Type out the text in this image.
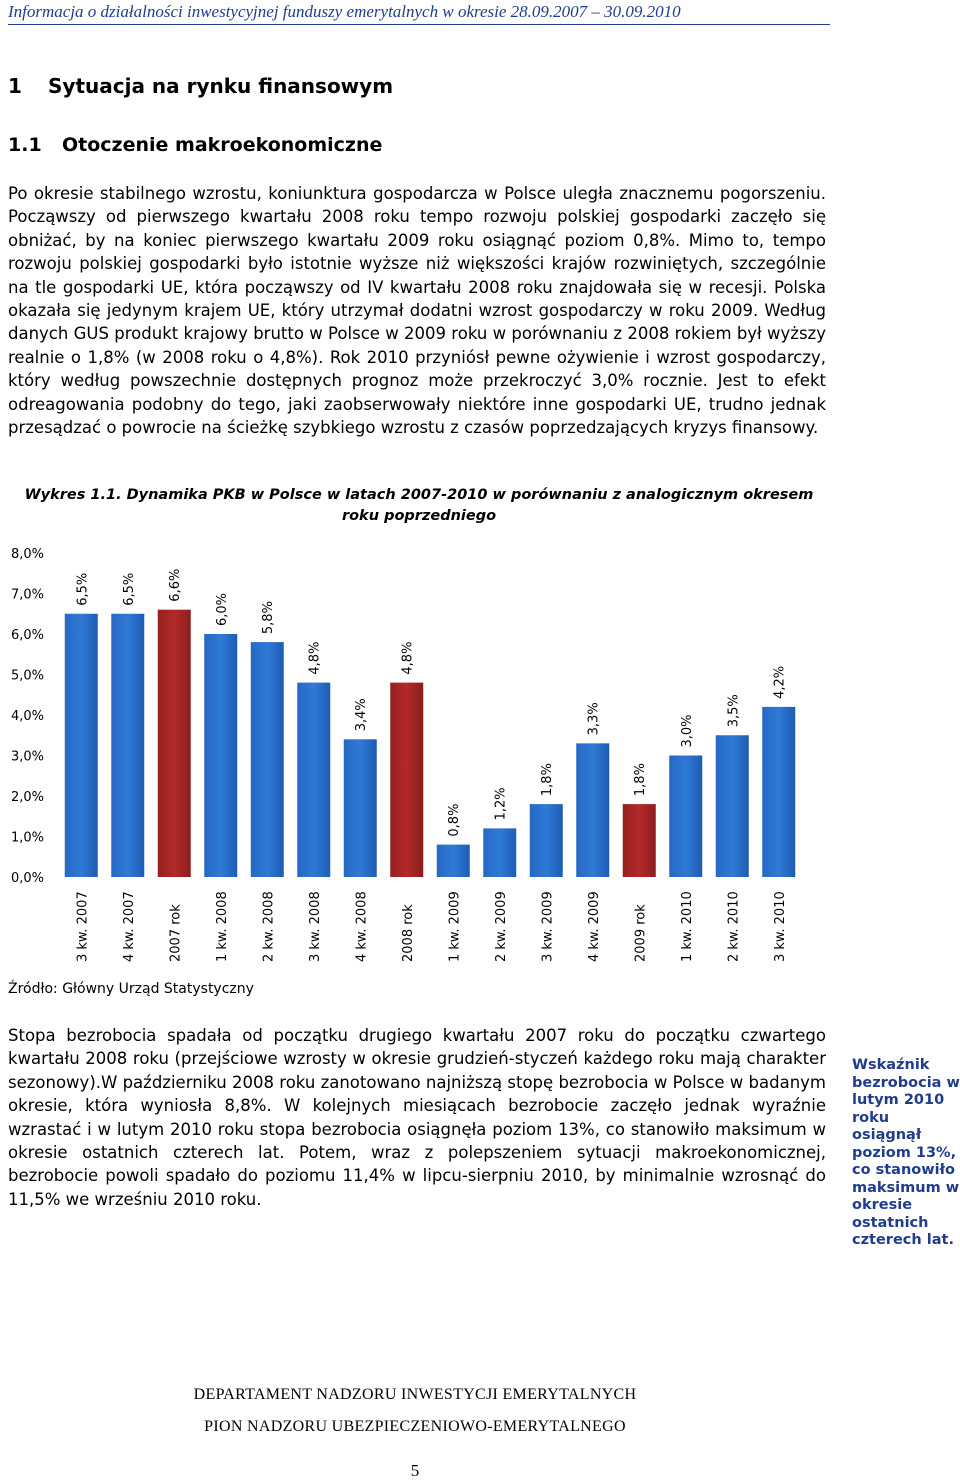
Informacja o działalności inwestycyjnej funduszy emerytalnych w okresie 28.09.2007 – 30.09.2010
1 Sytuacja na rynku finansowym
1.1 Otoczenie makroekonomiczne

Po okresie stabilnego wzrostu, koniunktura gospodarcza w Polsce uległa znacznemu pogorszeniu. Począwszy od pierwszego kwartału 2008 roku tempo rozwoju polskiej gospodarki zaczęło się obniżać, by na koniec pierwszego kwartału 2009 roku osiągnąć poziom 0,8%. Mimo to, tempo rozwoju polskiej gospodarki było istotnie wyższe niż większości krajów rozwiniętych, szczególnie na tle gospodarki UE, która począwszy od IV kwartału 2008 roku znajdowała się w recesji. Polska okazała się jedynym krajem UE, który utrzymał dodatni wzrost gospodarczy w roku 2009. Według danych GUS produkt krajowy brutto w Polsce w 2009 roku w porównaniu z 2008 rokiem był wyższy realnie o 1,8% (w 2008 roku o 4,8%). Rok 2010 przyniósł pewne ożywienie i wzrost gospodarczy, który według powszechnie dostępnych prognoz może przekroczyć 3,0% rocznie. Jest to efekt odreagowania podobny do tego, jaki zaobserwowały niektóre inne gospodarki UE, trudno jednak przesądzać o powrocie na ścieżkę szybkiego wzrostu z czasów poprzedzających kryzys finansowy.

Wykres 1.1. Dynamika PKB w Polsce w latach 2007-2010 w porównaniu z analogicznym okresem roku poprzedniego
0,0%
1,0%
2,0%
3,0%
4,0%
5,0%
6,0%
7,0%
8,0%
6,5%
3 kw. 2007
6,5%
4 kw. 2007
6,6%
2007 rok
6,0%
1 kw. 2008
5,8%
2 kw. 2008
4,8%
3 kw. 2008
3,4%
4 kw. 2008
4,8%
2008 rok
0,8%
1 kw. 2009
1,2%
2 kw. 2009
1,8%
3 kw. 2009
3,3%
4 kw. 2009
1,8%
2009 rok
3,0%
1 kw. 2010
3,5%
2 kw. 2010
4,2%
3 kw. 2010
Źródło: Główny Urząd Statystyczny

Stopa bezrobocia spadała od początku drugiego kwartału 2007 roku do początku czwartego kwartału 2008 roku (przejściowe wzrosty w okresie grudzień-styczeń każdego roku mają charakter sezonowy).W październiku 2008 roku zanotowano najniższą stopę bezrobocia w Polsce w badanym okresie, która wyniosła 8,8%. W kolejnych miesiącach bezrobocie zaczęło jednak wyraźnie wzrastać i w lutym 2010 roku stopa bezrobocia osiągnęła poziom 13%, co stanowiło maksimum w okresie ostatnich czterech lat. Potem, wraz z polepszeniem sytuacji makroekonomicznej, bezrobocie powoli spadało do poziomu 11,4% w lipcu-sierpniu 2010, by minimalnie wzrosnąć do 11,5% we wrześniu 2010 roku.

Wskaźnik bezrobocia w lutym 2010 roku osiągnął poziom 13%, co stanowiło maksimum w okresie ostatnich czterech lat.
DEPARTAMENT NADZORU INWESTYCJI EMERYTALNYCH
PION NADZORU UBEZPIECZENIOWO-EMERYTALNEGO
5
